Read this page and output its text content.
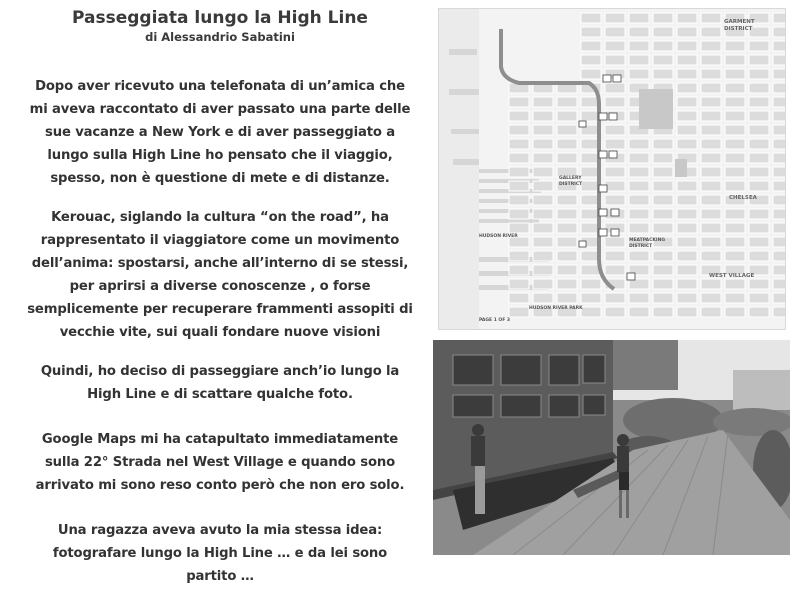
Passeggiata lungo la High Line
di Alessandrio Sabatini

Dopo aver ricevuto una telefonata di un’amica che
mi aveva raccontato di aver passato una parte delle
sue vacanze a New York e di aver passeggiato a
lungo sulla High Line ho pensato che il viaggio,
spesso, non è questione di mete e di distanze.

Kerouac, siglando la cultura “on the road”, ha
rappresentato il viaggiatore come un movimento
dell’anima: spostarsi, anche all’interno di se stessi,
per aprirsi a diverse conoscenze , o forse
semplicemente per recuperare frammenti assopiti di
vecchie vite, sui quali fondare nuove visioni

Quindi, ho deciso di passeggiare anch’io lungo la
High Line e di scattare qualche foto.

Google Maps mi ha catapultato immediatamente
sulla 22° Strada nel West Village e quando sono
arrivato mi sono reso conto però che non ero solo.

Una ragazza aveva avuto la mia stessa idea:
fotografare lungo la High Line … e da lei sono
partito …

GARMENT DISTRICT
CHELSEA
GALLERY DISTRICT
HUDSON RIVER
MEATPACKING DISTRICT
WEST VILLAGE
HUDSON RIVER PARK
PAGE 1 OF 3
